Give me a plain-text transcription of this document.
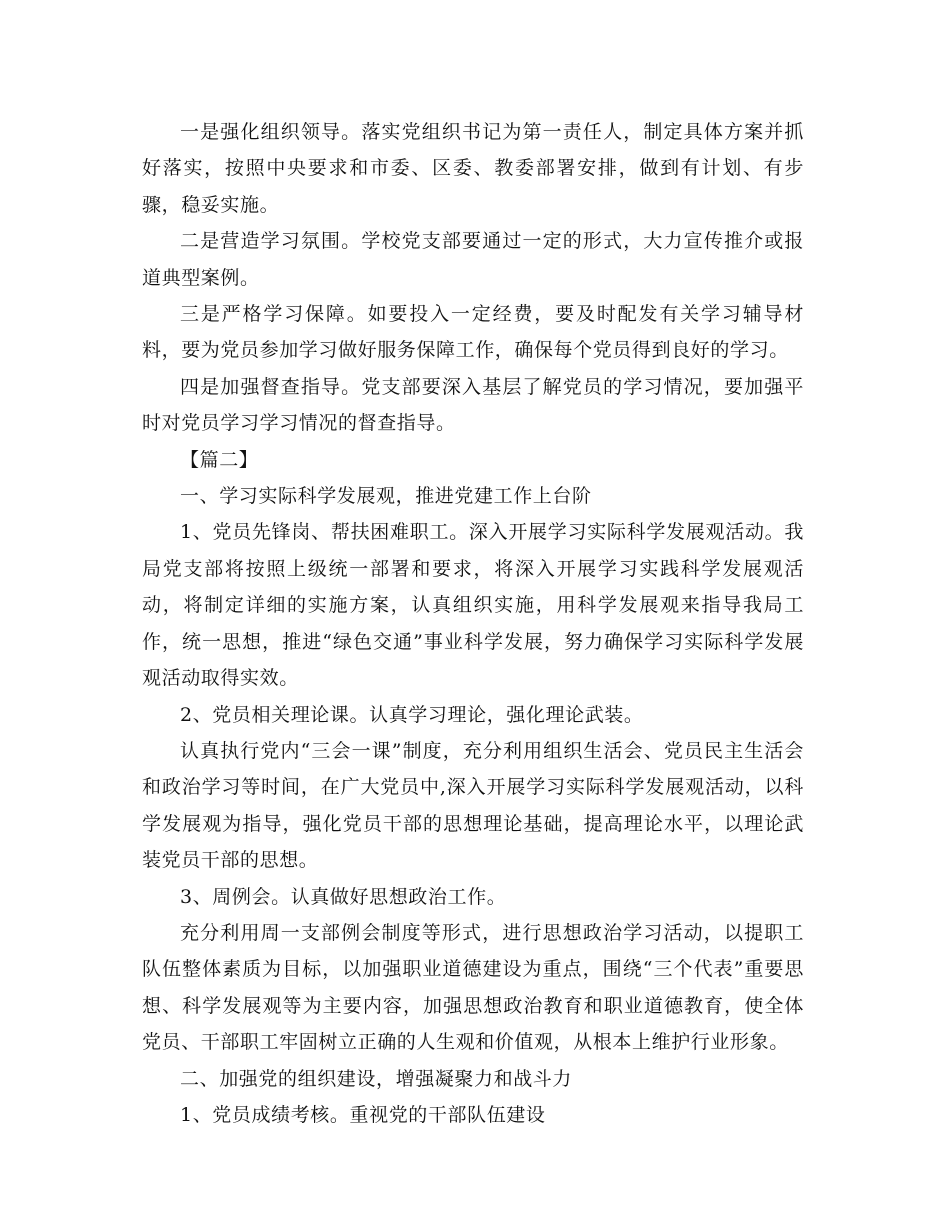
一是强化组织领导。落实党组织书记为第一责任人，制定具体方案并抓好落实，按照中央要求和市委、区委、教委部署安排，做到有计划、有步骤，稳妥实施。

二是营造学习氛围。学校党支部要通过一定的形式，大力宣传推介或报道典型案例。

三是严格学习保障。如要投入一定经费，要及时配发有关学习辅导材料，要为党员参加学习做好服务保障工作，确保每个党员得到良好的学习。

四是加强督查指导。党支部要深入基层了解党员的学习情况，要加强平时对党员学习学习情况的督查指导。

【篇二】

一、学习实际科学发展观，推进党建工作上台阶

1、党员先锋岗、帮扶困难职工。深入开展学习实际科学发展观活动。我局党支部将按照上级统一部署和要求，将深入开展学习实践科学发展观活动，将制定详细的实施方案，认真组织实施，用科学发展观来指导我局工作，统一思想，推进“绿色交通”事业科学发展，努力确保学习实际科学发展观活动取得实效。

2、党员相关理论课。认真学习理论，强化理论武装。

认真执行党内“三会一课”制度，充分利用组织生活会、党员民主生活会和政治学习等时间，在广大党员中,深入开展学习实际科学发展观活动，以科学发展观为指导，强化党员干部的思想理论基础，提高理论水平，以理论武装党员干部的思想。

3、周例会。认真做好思想政治工作。

充分利用周一支部例会制度等形式，进行思想政治学习活动，以提职工队伍整体素质为目标，以加强职业道德建设为重点，围绕“三个代表”重要思想、科学发展观等为主要内容，加强思想政治教育和职业道德教育，使全体党员、干部职工牢固树立正确的人生观和价值观，从根本上维护行业形象。

二、加强党的组织建设，增强凝聚力和战斗力

1、党员成绩考核。重视党的干部队伍建设
